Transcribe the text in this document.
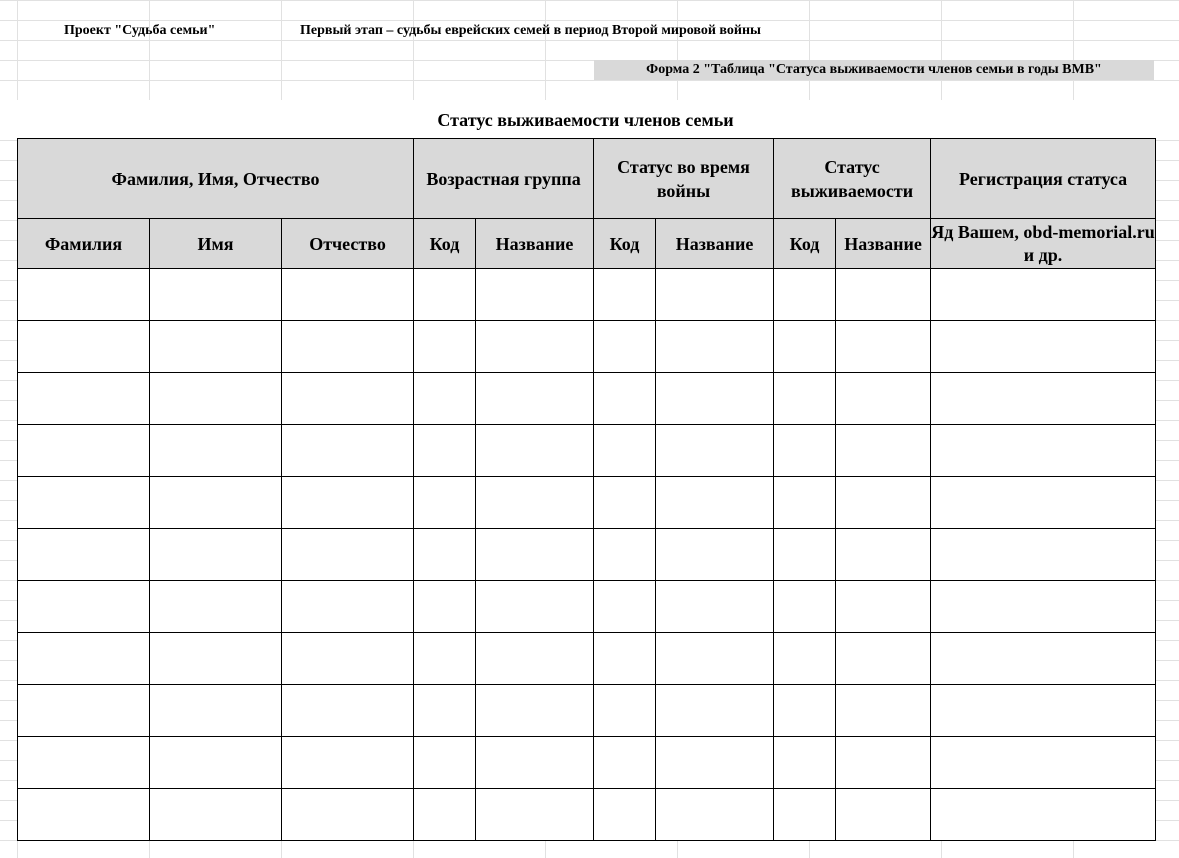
Проект "Судьба семьи"	Первый этап – судьбы еврейских семей в период Второй мировой войны
Форма 2 "Таблица "Статуса выживаемости членов семьи в годы ВМВ"
Статус выживаемости членов семьи
Фамилия, Имя, Отчество			Возрастная группа		Статус во время войны		Статус выживаемости		Регистрация статуса
Фамилия	Имя	Отчество	Код	Название	Код	Название	Код	Название	Яд Вашем, obd-memorial.ru и др.
